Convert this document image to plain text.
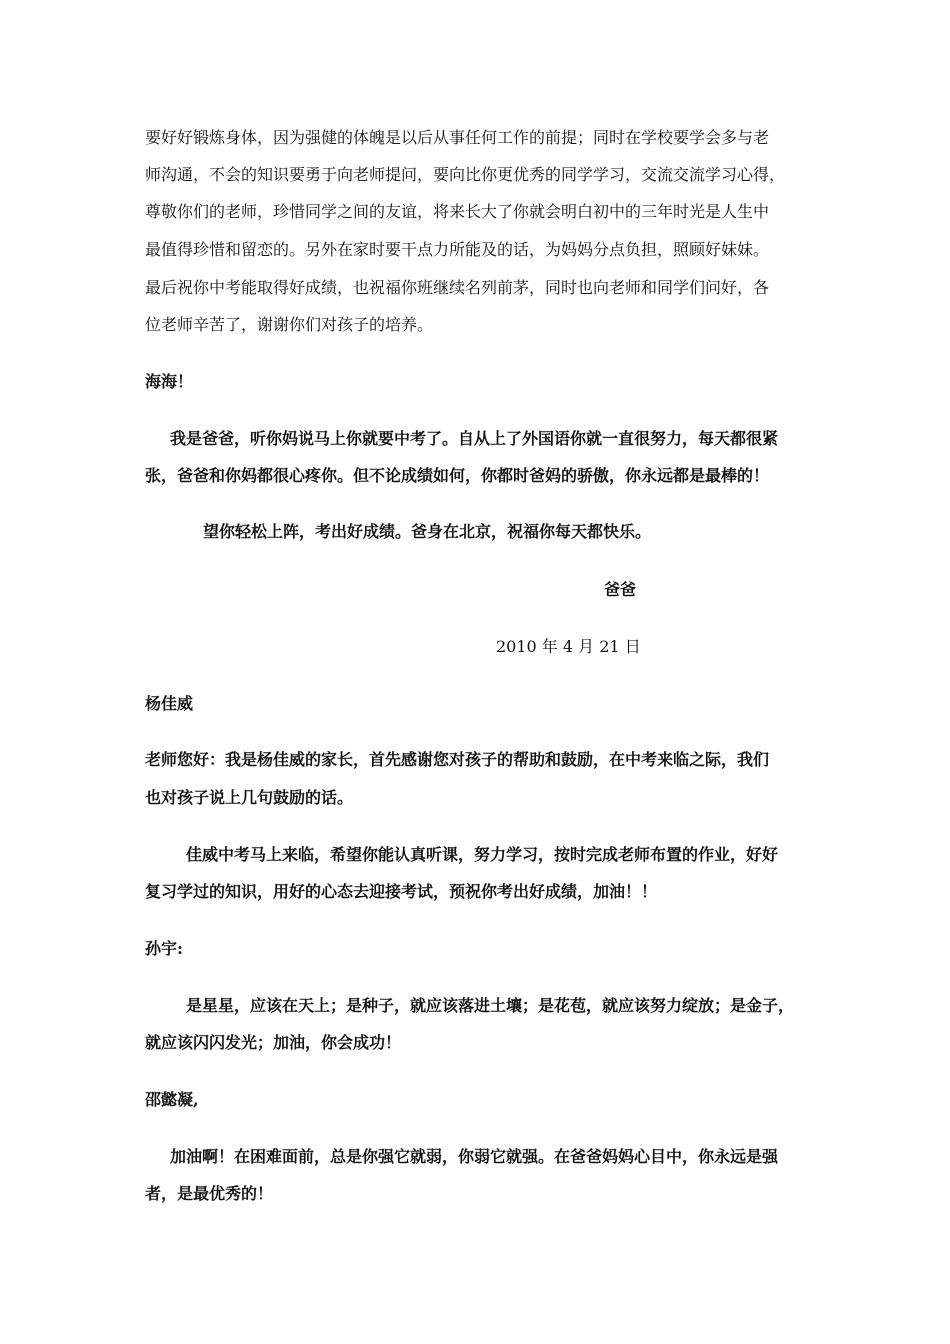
要好好锻炼身体，因为强健的体魄是以后从事任何工作的前提；同时在学校要学会多与老
师沟通，不会的知识要勇于向老师提问，要向比你更优秀的同学学习，交流交流学习心得，
尊敬你们的老师，珍惜同学之间的友谊，将来长大了你就会明白初中的三年时光是人生中
最值得珍惜和留恋的。另外在家时要干点力所能及的话，为妈妈分点负担，照顾好妹妹。
最后祝你中考能取得好成绩，也祝福你班继续名列前茅，同时也向老师和同学们问好，各
位老师辛苦了，谢谢你们对孩子的培养。
海海！
我是爸爸，听你妈说马上你就要中考了。自从上了外国语你就一直很努力，每天都很紧
张，爸爸和你妈都很心疼你。但不论成绩如何，你都时爸妈的骄傲，你永远都是最棒的！
望你轻松上阵，考出好成绩。爸身在北京，祝福你每天都快乐。
爸爸
2010 年 4 月 21 日
杨佳威
老师您好：我是杨佳威的家长，首先感谢您对孩子的帮助和鼓励，在中考来临之际，我们
也对孩子说上几句鼓励的话。
佳威中考马上来临，希望你能认真听课，努力学习，按时完成老师布置的作业，好好
复习学过的知识，用好的心态去迎接考试，预祝你考出好成绩，加油！！
孙宇:
是星星，应该在天上；是种子，就应该落进土壤；是花苞，就应该努力绽放；是金子，
就应该闪闪发光；加油，你会成功！
邵懿凝,
加油啊！在困难面前，总是你强它就弱，你弱它就强。在爸爸妈妈心目中，你永远是强
者，是最优秀的！
